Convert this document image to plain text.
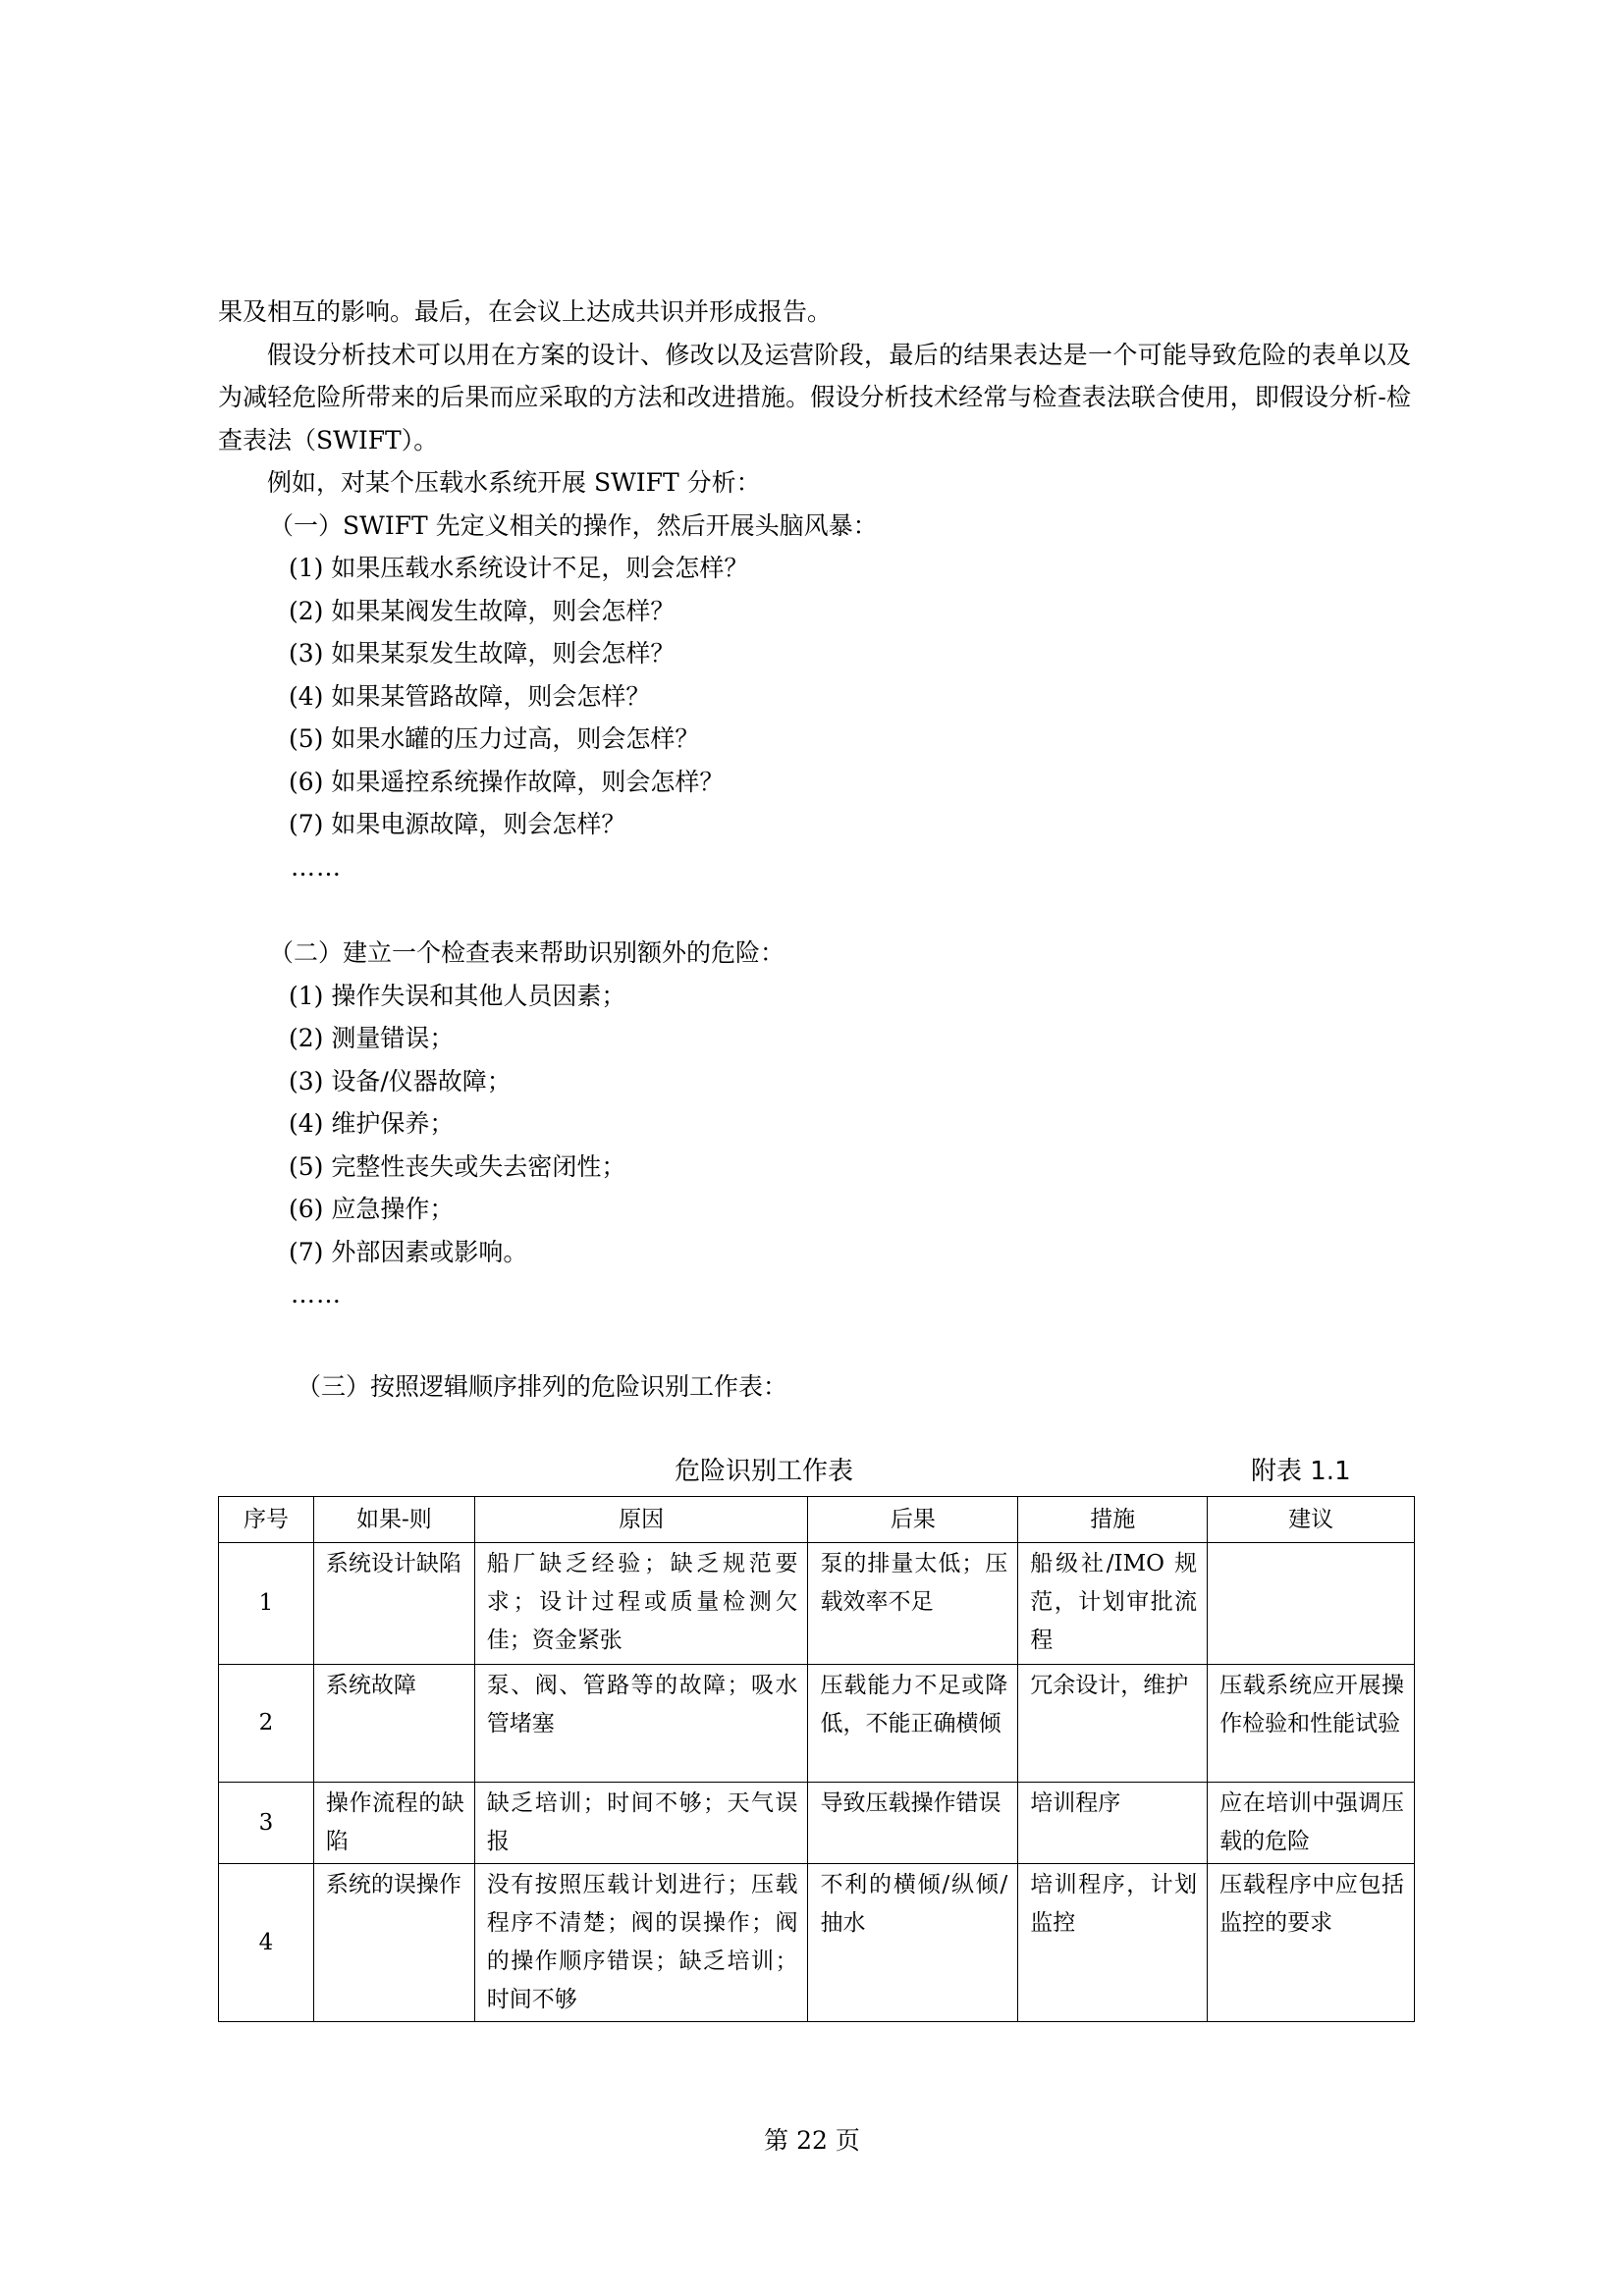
果及相互的影响。最后，在会议上达成共识并形成报告。

假设分析技术可以用在方案的设计、修改以及运营阶段，最后的结果表达是一个可能导致危险的表单以及为减轻危险所带来的后果而应采取的方法和改进措施。假设分析技术经常与检查表法联合使用，即假设分析-检查表法（SWIFT）。

例如，对某个压载水系统开展 SWIFT 分析：

（一）SWIFT 先定义相关的操作，然后开展头脑风暴：

(1) 如果压载水系统设计不足，则会怎样？

(2) 如果某阀发生故障，则会怎样？

(3) 如果某泵发生故障，则会怎样？

(4) 如果某管路故障，则会怎样？

(5) 如果水罐的压力过高，则会怎样？

(6) 如果遥控系统操作故障，则会怎样？

(7) 如果电源故障，则会怎样？

……

（二）建立一个检查表来帮助识别额外的危险：

(1) 操作失误和其他人员因素；

(2) 测量错误；

(3) 设备/仪器故障；

(4) 维护保养；

(5) 完整性丧失或失去密闭性；

(6) 应急操作；

(7) 外部因素或影响。

……

（三）按照逻辑顺序排列的危险识别工作表：

危险识别工作表	附表 1.1
序号	如果-则	原因	后果	措施	建议
1	系统设计缺陷	船厂缺乏经验；缺乏规范要求；设计过程或质量检测欠佳；资金紧张	泵的排量太低；压载效率不足	船级社/IMO 规范，计划审批流程	
2	系统故障	泵、阀、管路等的故障；吸水管堵塞	压载能力不足或降低，不能正确横倾	冗余设计，维护	压载系统应开展操作检验和性能试验
3	操作流程的缺陷	缺乏培训；时间不够；天气误报	导致压载操作错误	培训程序	应在培训中强调压载的危险
4	系统的误操作	没有按照压载计划进行；压载程序不清楚；阀的误操作；阀的操作顺序错误；缺乏培训；时间不够	不利的横倾/纵倾/抽水	培训程序，计划监控	压载程序中应包括监控的要求
第 22 页
